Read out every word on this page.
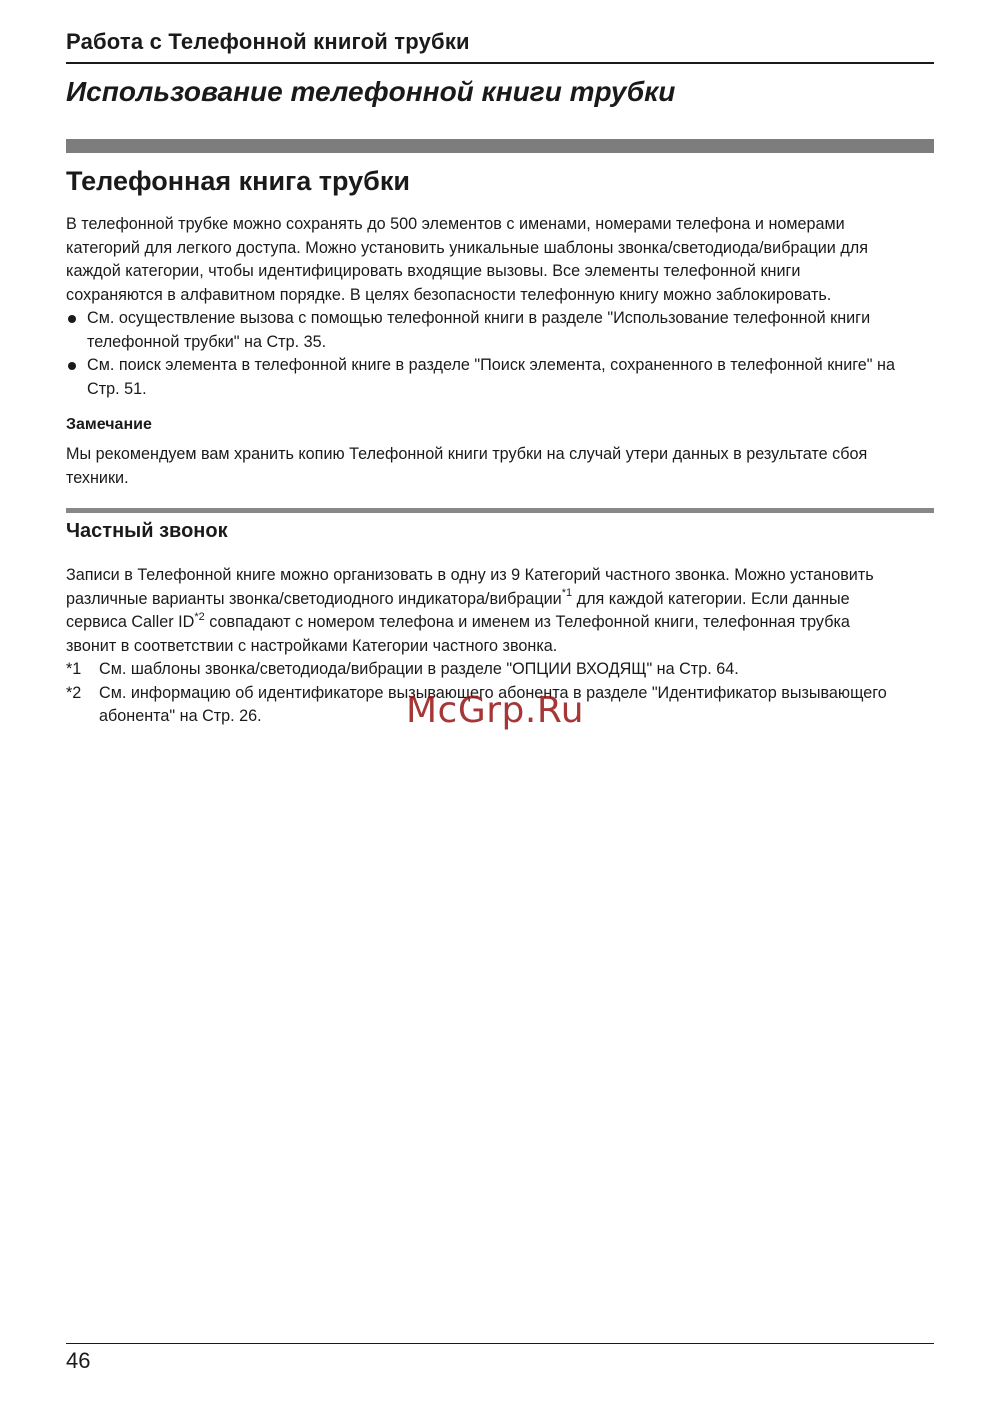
Работа с Телефонной книгой трубки
Использование телефонной книги трубки
Телефонная книга трубки
В телефонной трубке можно сохранять до 500 элементов с именами, номерами телефона и номерами
категорий для легкого доступа. Можно установить уникальные шаблоны звонка/светодиода/вибрации для
каждой категории, чтобы идентифицировать входящие вызовы. Все элементы телефонной книги
сохраняются в алфавитном порядке. В целях безопасности телефонную книгу можно заблокировать.
См. осуществление вызова с помощью телефонной книги в разделе "Использование телефонной книги
телефонной трубки" на Стр. 35.
См. поиск элемента в телефонной книге в разделе "Поиск элемента, сохраненного в телефонной книге" на
Стр. 51.
Замечание
Мы рекомендуем вам хранить копию Телефонной книги трубки на случай утери данных в результате сбоя
техники.
Частный звонок
Записи в Телефонной книге можно организовать в одну из 9 Категорий частного звонка. Можно установить
различные варианты звонка/светодиодного индикатора/вибрации$^{*1}$ для каждой категории. Если данные
сервиса Caller ID$^{*2}$ совпадают с номером телефона и именем из Телефонной книги, телефонная трубка
звонит в соответствии с настройками Категории частного звонка.
*1 См. шаблоны звонка/светодиода/вибрации в разделе "ОПЦИИ ВХОДЯЩ" на Стр. 64.
*2 См. информацию об идентификаторе вызывающего абонента в разделе "Идентификатор вызывающего
абонента" на Стр. 26.	McGrp.Ru
46
